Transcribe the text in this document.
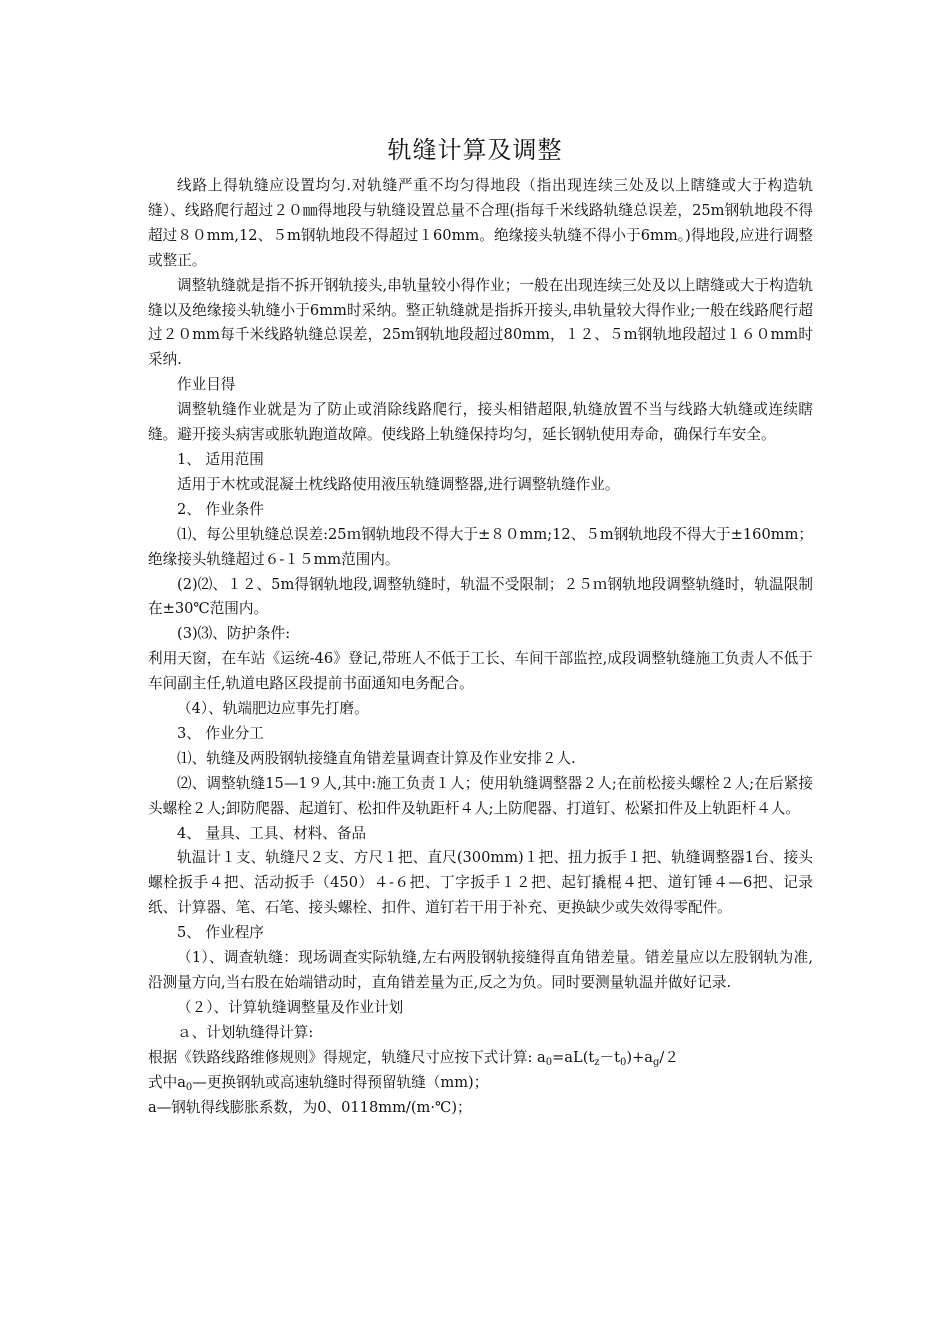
轨缝计算及调整

线路上得轨缝应设置均匀.对轨缝严重不均匀得地段（指出现连续三处及以上瞎缝或大于构造轨缝）、线路爬行超过２０㎜得地段与轨缝设置总量不合理(指每千米线路轨缝总误差，25m钢轨地段不得超过８０mm,12、５m钢轨地段不得超过１60mm。绝缘接头轨缝不得小于6mm。)得地段,应进行调整或整正。

调整轨缝就是指不拆开钢轨接头,串轨量较小得作业；一般在出现连续三处及以上瞎缝或大于构造轨缝以及绝缘接头轨缝小于6mm时采纳。整正轨缝就是指拆开接头,串轨量较大得作业;一般在线路爬行超过２０mm每千米线路轨缝总误差，25m钢轨地段超过80mm，１２、５m钢轨地段超过１６０mm时采纳.

作业目得

调整轨缝作业就是为了防止或消除线路爬行，接头相错超限,轨缝放置不当与线路大轨缝或连续瞎缝。避开接头病害或胀轨跑道故障。使线路上轨缝保持均匀，延长钢轨使用寿命，确保行车安全。

1、 适用范围

适用于木枕或混凝土枕线路使用液压轨缝调整器,进行调整轨缝作业。

2、 作业条件

⑴、每公里轨缝总误差:25ｍ钢轨地段不得大于±８０mm;12、５m钢轨地段不得大于±160mm；绝缘接头轨缝超过６-１５mm范围内。

(2)⑵、１２、5m得钢轨地段,调整轨缝时，轨温不受限制；２５ｍ钢轨地段调整轨缝时，轨温限制在±30℃范围内。

(3)⑶、防护条件:

利用天窗，在车站《运统-46》登记,带班人不低于工长、车间干部监控,成段调整轨缝施工负责人不低于车间副主任,轨道电路区段提前书面通知电务配合。

（4）、轨端肥边应事先打磨。

3、 作业分工

⑴、轨缝及两股钢轨接缝直角错差量调查计算及作业安排２人.

⑵、调整轨缝15—1９人,其中:施工负责１人；使用轨缝调整器２人;在前松接头螺栓２人;在后紧接头螺栓２人;卸防爬器、起道钉、松扣件及轨距杆４人;上防爬器、打道钉、松紧扣件及上轨距杆４人。

4、 量具、工具、材料、备品

轨温计１支、轨缝尺２支、方尺１把、直尺(300mm)１把、扭力扳手１把、轨缝调整器1台、接头螺栓扳手４把、活动扳手（450）４-６把、丁字扳手１２把、起钉撬棍４把、道钉锤４—6把、记录纸、计算器、笔、石笔、接头螺栓、扣件、道钉若干用于补充、更换缺少或失效得零配件。

5、 作业程序

（1）、调查轨缝：现场调查实际轨缝,左右两股钢轨接缝得直角错差量。错差量应以左股钢轨为准,沿测量方向,当右股在始端错动时，直角错差量为正,反之为负。同时要测量轨温并做好记录.

（２）、计算轨缝调整量及作业计划

ａ、计划轨缝得计算:

根据《铁路线路维修规则》得规定，轨缝尺寸应按下式计算: $a_0=aL(t_z-t_0)+a_g/2$

式中$a_0—$更换钢轨或高速轨缝时得预留轨缝（mm)；

a—钢轨得线膨胀系数，为0、0118mm/(m·℃)；
